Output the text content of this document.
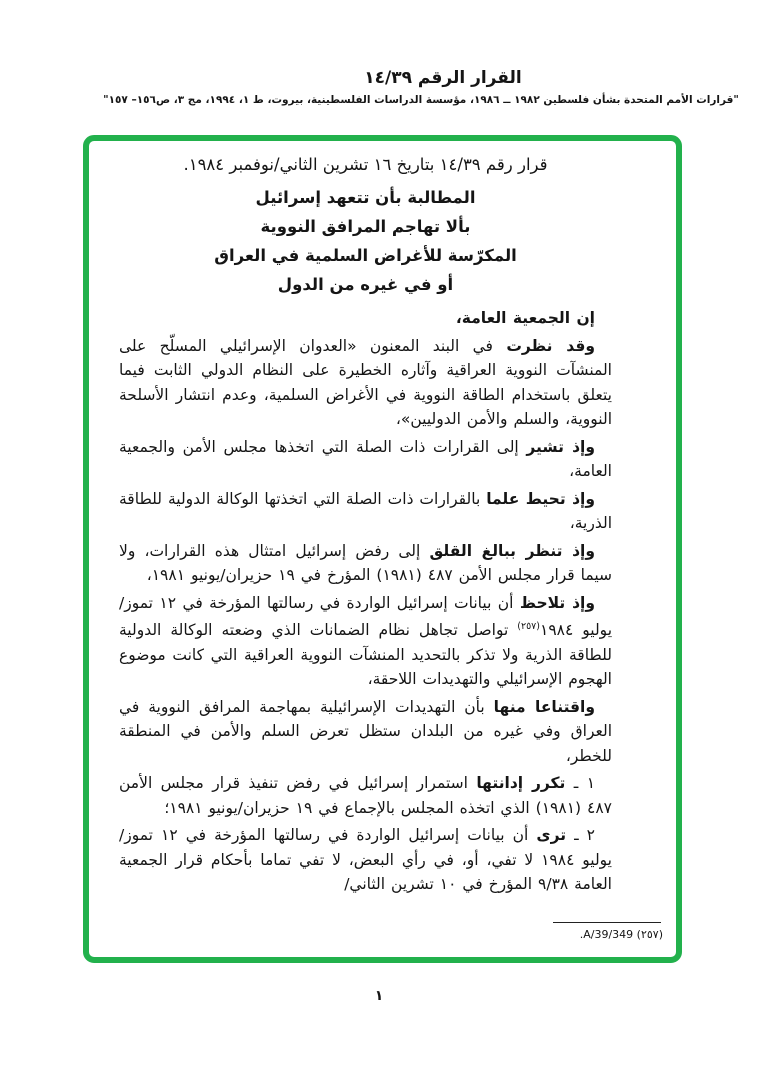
القرار الرقم ١٤/٣٩
"قرارات الأمم المتحدة بشأن فلسطين ١٩٨٢ ــ ١٩٨٦، مؤسسة الدراسات الفلسطينية، بيروت، ط ١، ١٩٩٤، مج ٣، ص١٥٦– ١٥٧"
قرار رقم ١٤/٣٩ بتاريخ ١٦ تشرين الثاني/نوفمبر ١٩٨٤.
المطالبة بأن تتعهد إسرائيل
بألا تهاجم المرافق النووية
المكرّسة للأغراض السلمية في العراق
أو في غيره من الدول

إن الجمعية العامة،

وقد نظرت في البند المعنون «العدوان الإسرائيلي المسلّح على المنشآت النووية العراقية وآثاره الخطيرة على النظام الدولي الثابت فيما يتعلق باستخدام الطاقة النووية في الأغراض السلمية، وعدم انتشار الأسلحة النووية، والسلم والأمن الدوليين»،

وإذ تشير إلى القرارات ذات الصلة التي اتخذها مجلس الأمن والجمعية العامة،

وإذ تحيط علما بالقرارات ذات الصلة التي اتخذتها الوكالة الدولية للطاقة الذرية،

وإذ تنظر ببالغ القلق إلى رفض إسرائيل امتثال هذه القرارات، ولا سيما قرار مجلس الأمن ٤٨٧ (١٩٨١) المؤرخ في ١٩ حزيران/يونيو ١٩٨١،

وإذ تلاحظ أن بيانات إسرائيل الواردة في رسالتها المؤرخة في ١٢ تموز/يوليو ١٩٨٤$^{(٢٥٧)}$ تواصل تجاهل نظام الضمانات الذي وضعته الوكالة الدولية للطاقة الذرية ولا تذكر بالتحديد المنشآت النووية العراقية التي كانت موضوع الهجوم الإسرائيلي والتهديدات اللاحقة،

واقتناعا منها بأن التهديدات الإسرائيلية بمهاجمة المرافق النووية في العراق وفي غيره من البلدان ستظل تعرض السلم والأمن في المنطقة للخطر،

١ ـ تكرر إدانتها استمرار إسرائيل في رفض تنفيذ قرار مجلس الأمن ٤٨٧ (١٩٨١) الذي اتخذه المجلس بالإجماع في ١٩ حزيران/يونيو ١٩٨١؛

٢ ـ ترى أن بيانات إسرائيل الواردة في رسالتها المؤرخة في ١٢ تموز/يوليو ١٩٨٤ لا تفي، أو، في رأي البعض، لا تفي تماما بأحكام قرار الجمعية العامة ٩/٣٨ المؤرخ في ١٠ تشرين الثاني/

(٢٥٧) A/39/349.
١
